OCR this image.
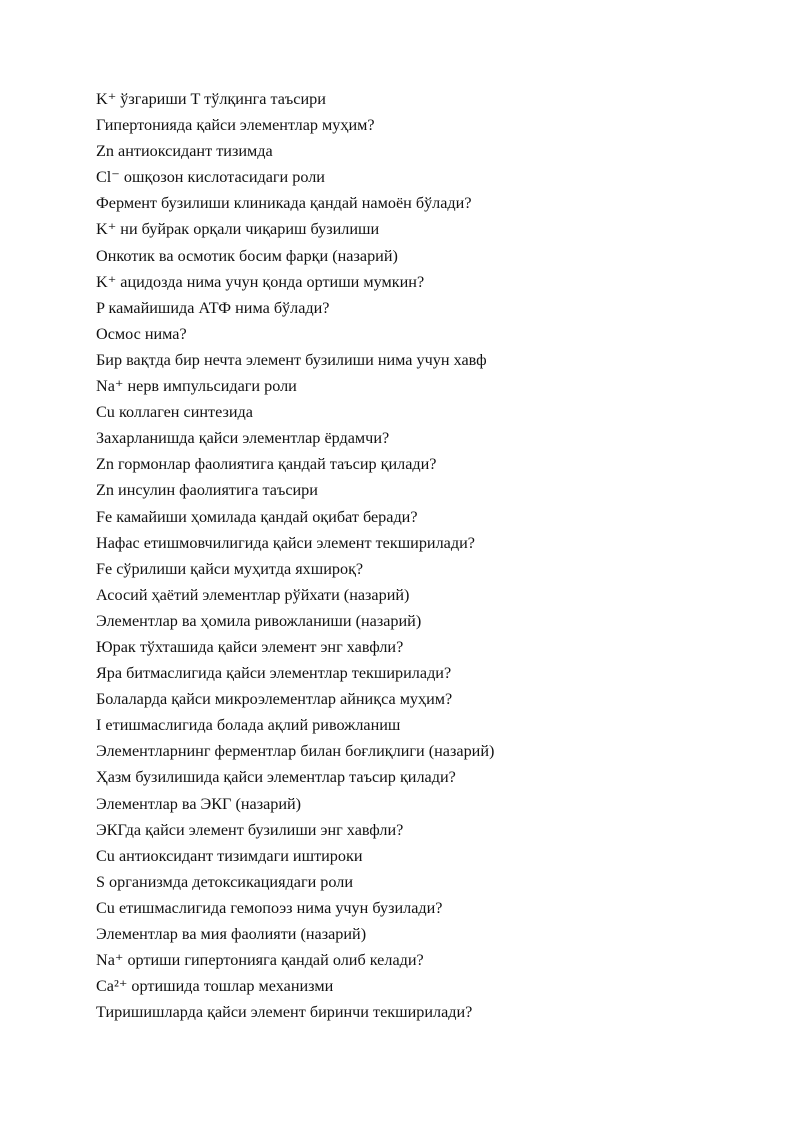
K⁺ ўзгариши T тўлқинга таъсири
Гипертонияда қайси элементлар муҳим?
Zn антиоксидант тизимда
Cl⁻ ошқозон кислотасидаги роли
Фермент бузилиши клиникада қандай намоён бўлади?
K⁺ ни буйрак орқали чиқариш бузилиши
Онкотик ва осмотик босим фарқи (назарий)
K⁺ ацидозда нима учун қонда ортиши мумкин?
P камайишида АТФ нима бўлади?
Осмос нима?
Бир вақтда бир нечта элемент бузилиши нима учун хавф
Na⁺ нерв импульсидаги роли
Cu коллаген синтезида
Захарланишда қайси элементлар ёрдамчи?
Zn гормонлар фаолиятига қандай таъсир қилади?
Zn инсулин фаолиятига таъсири
Fe камайиши ҳомилада қандай оқибат беради?
Нафас етишмовчилигида қайси элемент текширилади?
Fe сўрилиши қайси муҳитда яхшироқ?
Асосий ҳаётий элементлар рўйхати (назарий)
Элементлар ва ҳомила ривожланиши (назарий)
Юрак тўхташида қайси элемент энг хавфли?
Яра битмаслигида қайси элементлар текширилади?
Болаларда қайси микроэлементлар айниқса муҳим?
I етишмаслигида болада ақлий ривожланиш
Элементларнинг ферментлар билан боғлиқлиги (назарий)
Ҳазм бузилишида қайси элементлар таъсир қилади?
Элементлар ва ЭКГ (назарий)
ЭКГда қайси элемент бузилиши энг хавфли?
Cu антиоксидант тизимдаги иштироки
S организмда детоксикациядаги роли
Cu етишмаслигида гемопоэз нима учун бузилади?
Элементлар ва мия фаолияти (назарий)
Na⁺ ортиши гипертонияга қандай олиб келади?
Ca²⁺ ортишида тошлар механизми
Тиришишларда қайси элемент биринчи текширилади?
